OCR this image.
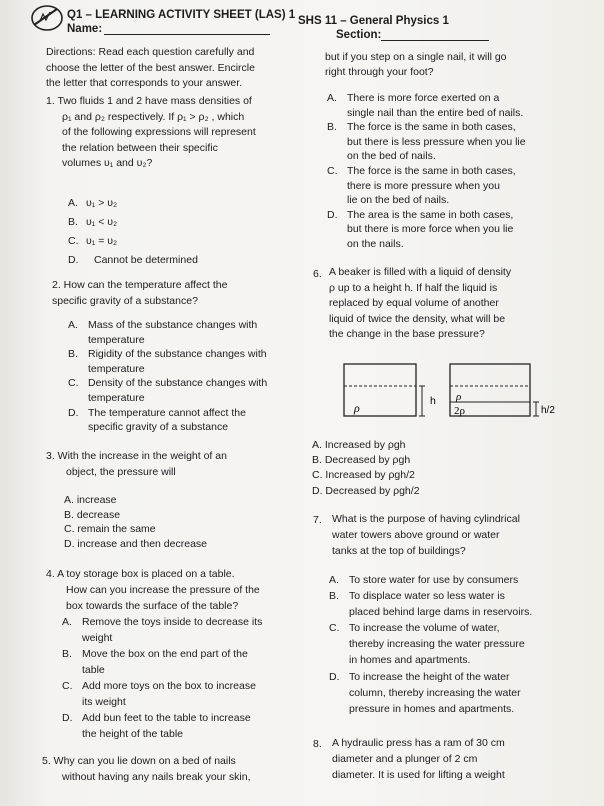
Q1 – LEARNING ACTIVITY SHEET (LAS) 1
Name:
SHS 11 – General Physics 1
Section:
Directions: Read each question carefully and
choose the letter of the best answer. Encircle
the letter that corresponds to your answer.
1. Two fluids 1 and 2 have mass densities of
ρ₁ and ρ₂ respectively. If ρ₁ > ρ₂ , which
of the following expressions will represent
the relation between their specific
volumes υ₁ and υ₂?
A. υ₁ > υ₂
B. υ₁ < υ₂
C. υ₁ = υ₂
D. Cannot be determined
2. How can the temperature affect the
specific gravity of a substance?
A. Mass of the substance changes with
temperature
B. Rigidity of the substance changes with
temperature
C. Density of the substance changes with
temperature
D. The temperature cannot affect the
specific gravity of a substance
3. With the increase in the weight of an
object, the pressure will
A. increase
B. decrease
C. remain the same
D. increase and then decrease
4. A toy storage box is placed on a table.
How can you increase the pressure of the
box towards the surface of the table?
A. Remove the toys inside to decrease its
weight
B. Move the box on the end part of the
table
C. Add more toys on the box to increase
its weight
D. Add bun feet to the table to increase
the height of the table
5. Why can you lie down on a bed of nails
without having any nails break your skin,
but if you step on a single nail, it will go
right through your foot?
A. There is more force exerted on a
single nail than the entire bed of nails.
B. The force is the same in both cases,
but there is less pressure when you lie
on the bed of nails.
C. The force is the same in both cases,
there is more pressure when you
lie on the bed of nails.
D. The area is the same in both cases,
but there is more force when you lie
on the nails.
6. A beaker is filled with a liquid of density
ρ up to a height h. If half the liquid is
replaced by equal volume of another
liquid of twice the density, what will be
the change in the base pressure?
ρ	h ρ
2ρ	h/2
A. Increased by ρgh
B. Decreased by ρgh
C. Increased by ρgh/2
D. Decreased by ρgh/2
7. What is the purpose of having cylindrical
water towers above ground or water
tanks at the top of buildings?
A. To store water for use by consumers
B. To displace water so less water is
placed behind large dams in reservoirs.
C. To increase the volume of water,
thereby increasing the water pressure
in homes and apartments.
D. To increase the height of the water
column, thereby increasing the water
pressure in homes and apartments.
8. A hydraulic press has a ram of 30 cm
diameter and a plunger of 2 cm
diameter. It is used for lifting a weight
